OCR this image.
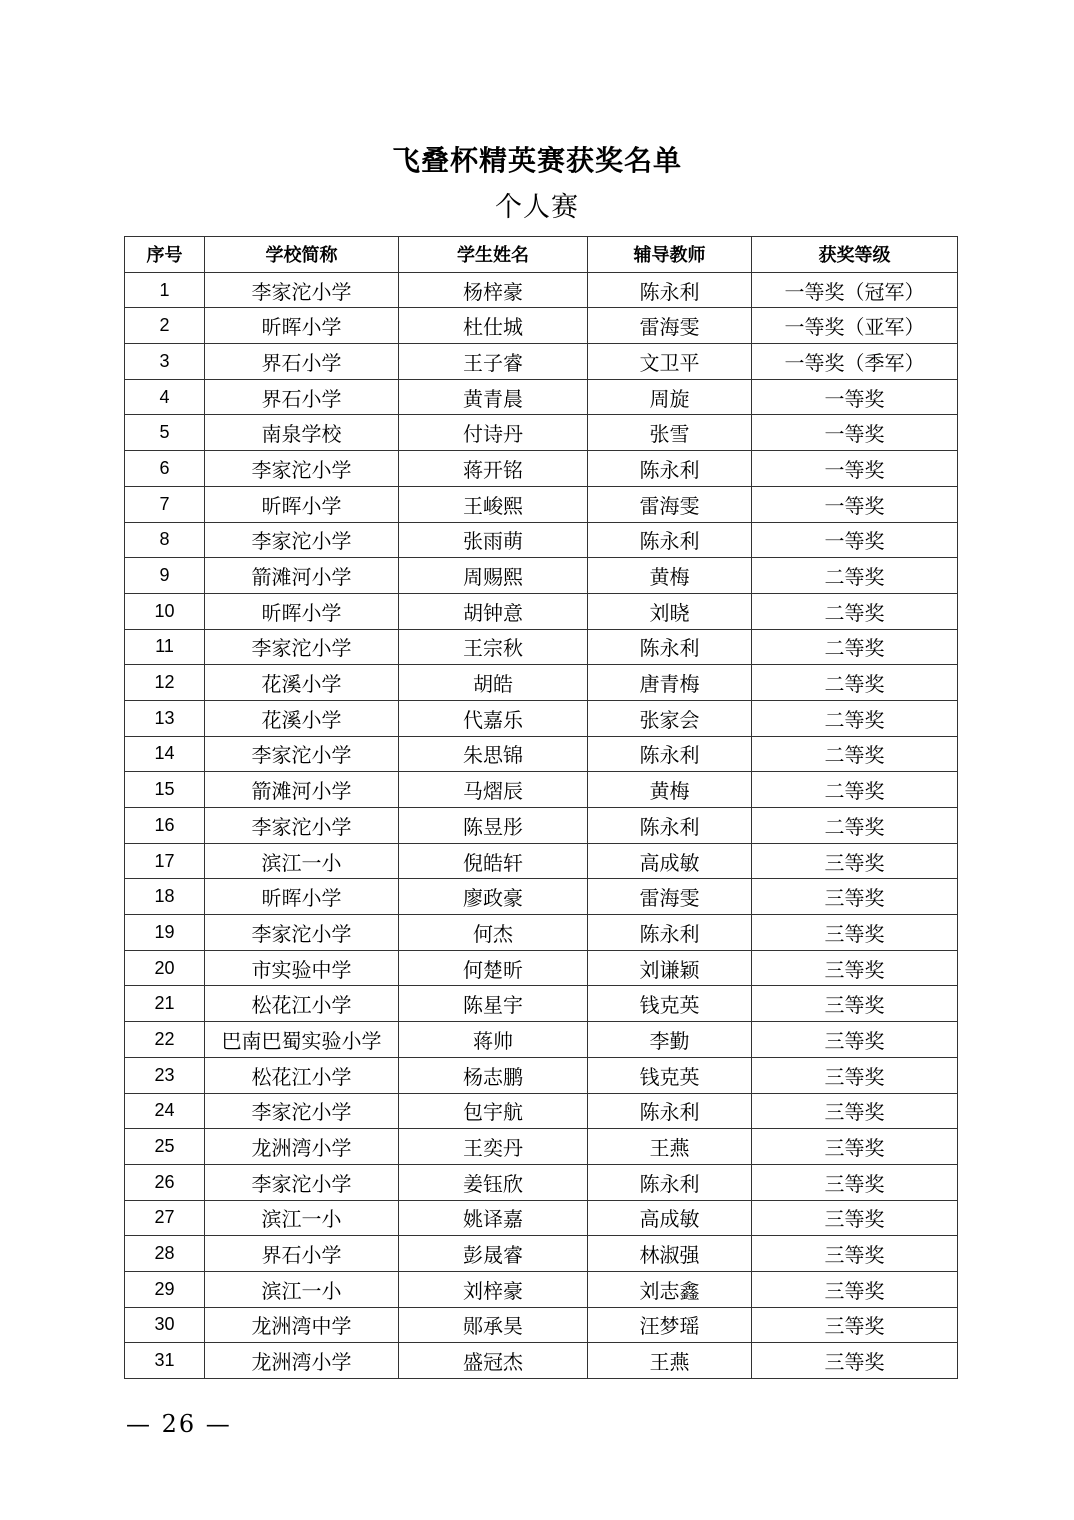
飞叠杯精英赛获奖名单
个人赛
序号	学校简称	学生姓名	辅导教师	获奖等级
1	李家沱小学	杨梓豪	陈永利	一等奖（冠军）
2	昕晖小学	杜仕城	雷海雯	一等奖（亚军）
3	界石小学	王子睿	文卫平	一等奖（季军）
4	界石小学	黄青晨	周旋	一等奖
5	南泉学校	付诗丹	张雪	一等奖
6	李家沱小学	蒋开铭	陈永利	一等奖
7	昕晖小学	王峻熙	雷海雯	一等奖
8	李家沱小学	张雨萌	陈永利	一等奖
9	箭滩河小学	周赐熙	黄梅	二等奖
10	昕晖小学	胡钟意	刘晓	二等奖
11	李家沱小学	王宗秋	陈永利	二等奖
12	花溪小学	胡皓	唐青梅	二等奖
13	花溪小学	代嘉乐	张家会	二等奖
14	李家沱小学	朱思锦	陈永利	二等奖
15	箭滩河小学	马熠辰	黄梅	二等奖
16	李家沱小学	陈昱彤	陈永利	二等奖
17	滨江一小	倪皓轩	高成敏	三等奖
18	昕晖小学	廖政豪	雷海雯	三等奖
19	李家沱小学	何杰	陈永利	三等奖
20	市实验中学	何楚昕	刘谦颖	三等奖
21	松花江小学	陈星宇	钱克英	三等奖
22	巴南巴蜀实验小学	蒋帅	李勤	三等奖
23	松花江小学	杨志鹏	钱克英	三等奖
24	李家沱小学	包宇航	陈永利	三等奖
25	龙洲湾小学	王奕丹	王燕	三等奖
26	李家沱小学	姜钰欣	陈永利	三等奖
27	滨江一小	姚译嘉	高成敏	三等奖
28	界石小学	彭晟睿	林淑强	三等奖
29	滨江一小	刘梓豪	刘志鑫	三等奖
30	龙洲湾中学	郧承昊	汪梦瑶	三等奖
31	龙洲湾小学	盛冠杰	王燕	三等奖
— 26 —
